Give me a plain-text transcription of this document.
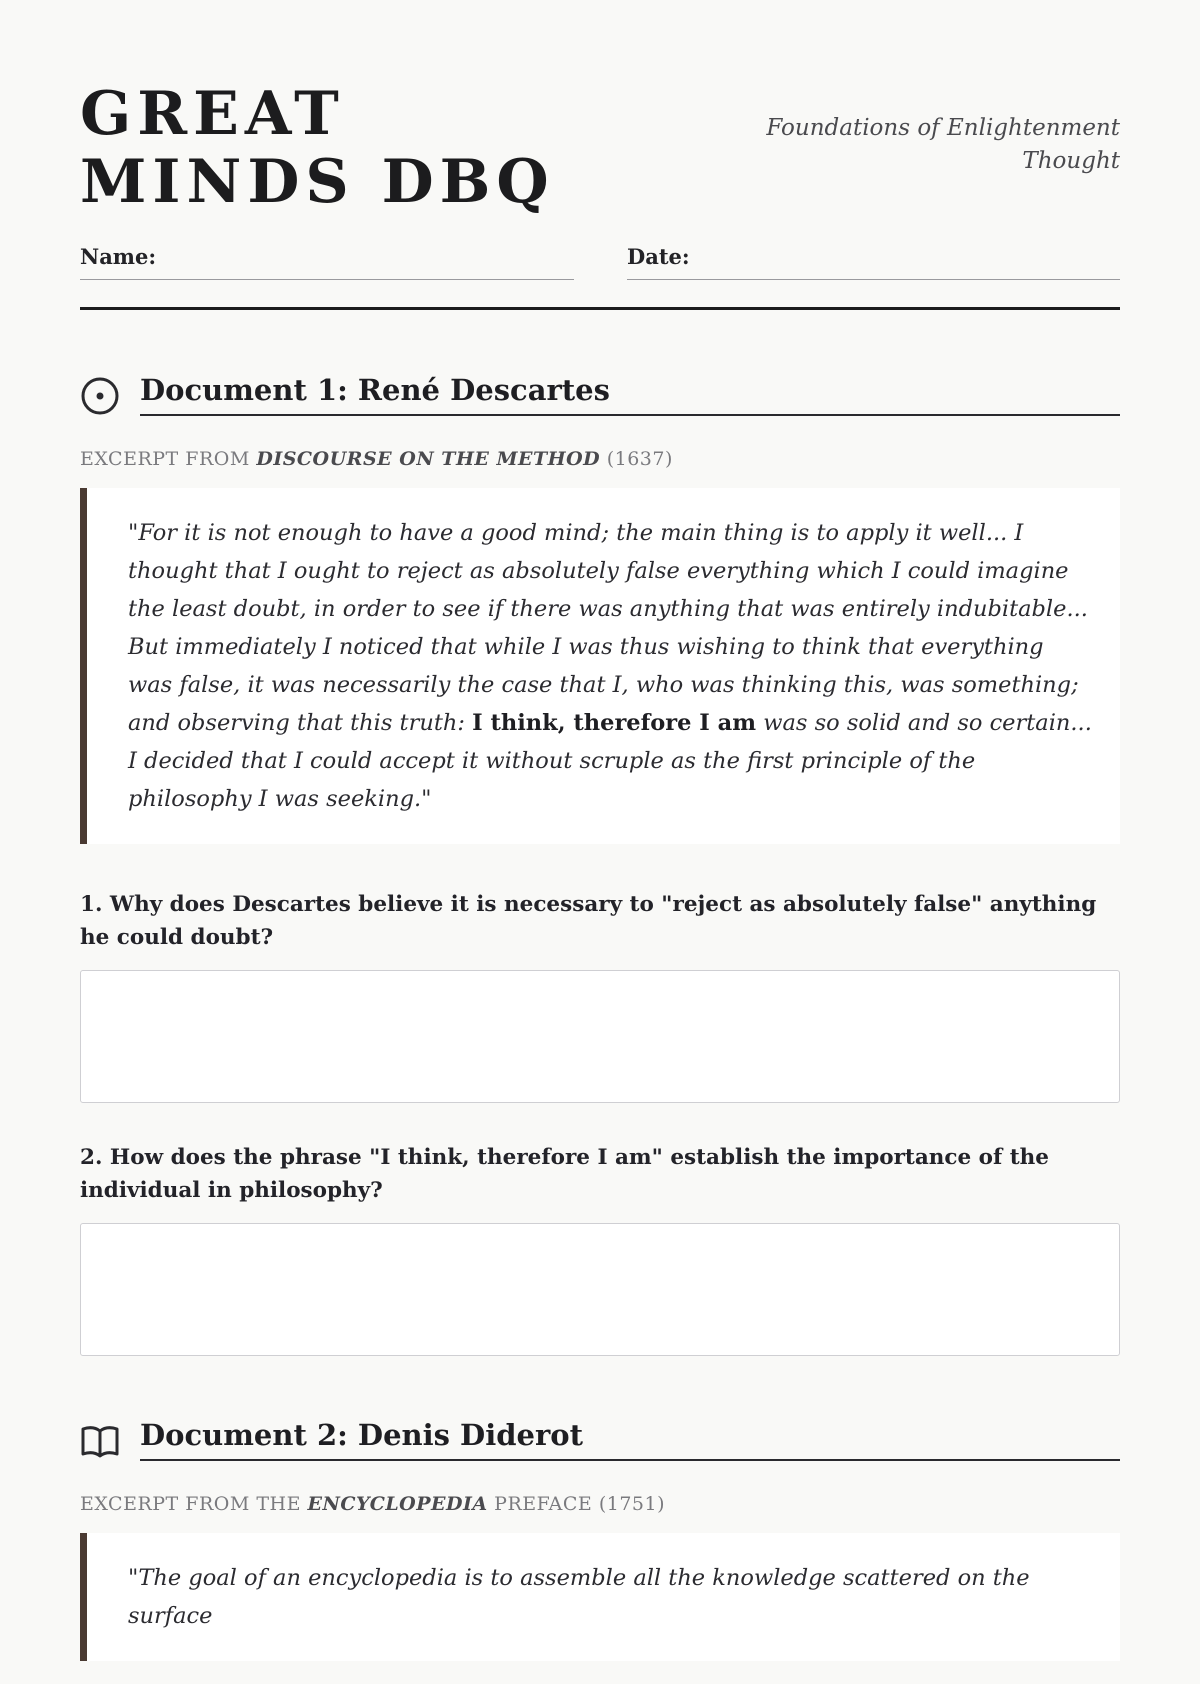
GREAT MINDS DBQ
Foundations of Enlightenment Thought
Name:	Date:
Document 1: René Descartes
EXCERPT FROM DISCOURSE ON THE METHOD (1637)
"For it is not enough to have a good mind; the main thing is to apply it well... I thought that I ought to reject as absolutely false everything which I could imagine the least doubt, in order to see if there was anything that was entirely indubitable... But immediately I noticed that while I was thus wishing to think that everything was false, it was necessarily the case that I, who was thinking this, was something; and observing that this truth: I think, therefore I am was so solid and so certain... I decided that I could accept it without scruple as the first principle of the philosophy I was seeking."
1. Why does Descartes believe it is necessary to "reject as absolutely false" anything he could doubt?
2. How does the phrase "I think, therefore I am" establish the importance of the individual in philosophy?
Document 2: Denis Diderot
EXCERPT FROM THE ENCYCLOPEDIA PREFACE (1751)
"The goal of an encyclopedia is to assemble all the knowledge scattered on the surface
